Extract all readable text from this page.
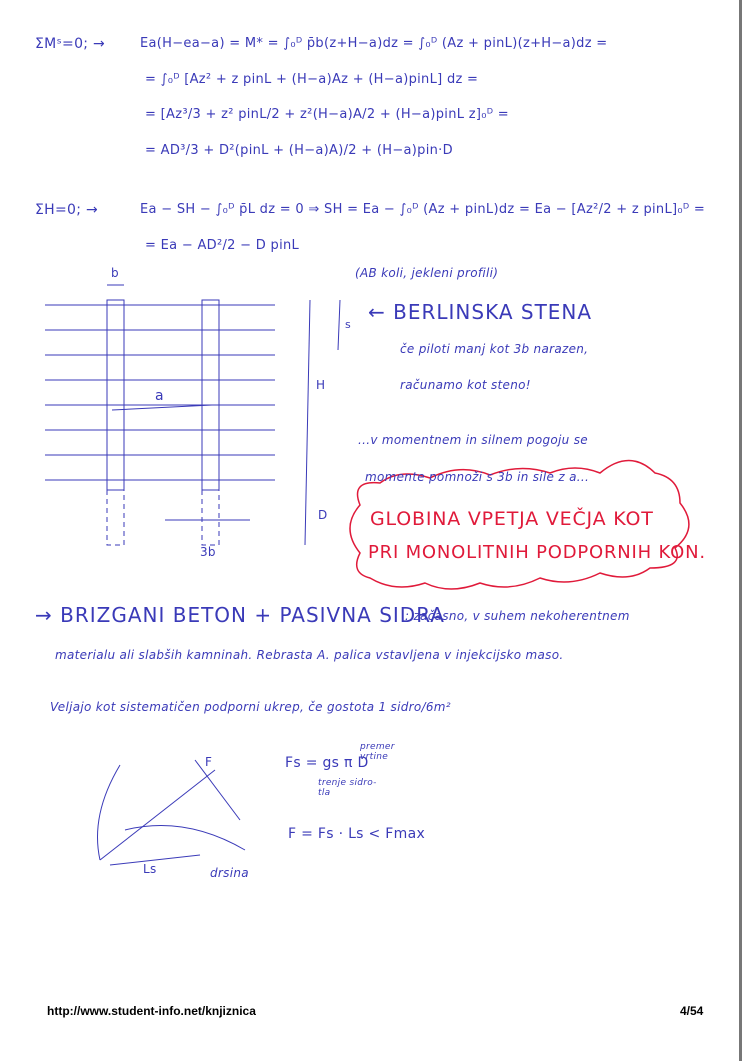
ΣMˢ=0; →	Ea(H−ea−a) = M* = ∫₀ᴰ p̄b(z+H−a)dz = ∫₀ᴰ (Az + pinL)(z+H−a)dz =
= ∫₀ᴰ [Az² + z pinL + (H−a)Az + (H−a)pinL] dz =
= [Az³/3 + z² pinL/2 + z²(H−a)A/2 + (H−a)pinL z]₀ᴰ =
= AD³/3 + D²(pinL + (H−a)A)/2 + (H−a)pin·D
ΣH=0; →	Ea − SH − ∫₀ᴰ p̄L dz = 0 ⇒ SH = Ea − ∫₀ᴰ (Az + pinL)dz = Ea − [Az²/2 + z pinL]₀ᴰ =
= Ea − AD²/2 − D pinL
b
a
s
H
D
3b
(AB koli, jekleni profili)
← BERLINSKA STENA
če piloti manj kot 3b narazen,
računamo kot steno!
...v momentnem in silnem pogoju se
momente pomnoži s 3b in sile z a...
GLOBINA VPETJA VEČJA KOT
PRI MONOLITNIH PODPORNIH KON.
→ BRIZGANI BETON + PASIVNA SIDRA
: začasno, v suhem nekoherentnem
materialu ali slabših kamninah. Rebrasta A. palica vstavljena v injekcijsko maso.
Veljajo kot sistematičen podporni ukrep, če gostota 1 sidro/6m²
F
Ls	drsina
Fs = gs π D
premer vrtine
trenje sidro-tla
F = Fs · Ls < Fmax
http://www.student-info.net/knjiznica	4/54
